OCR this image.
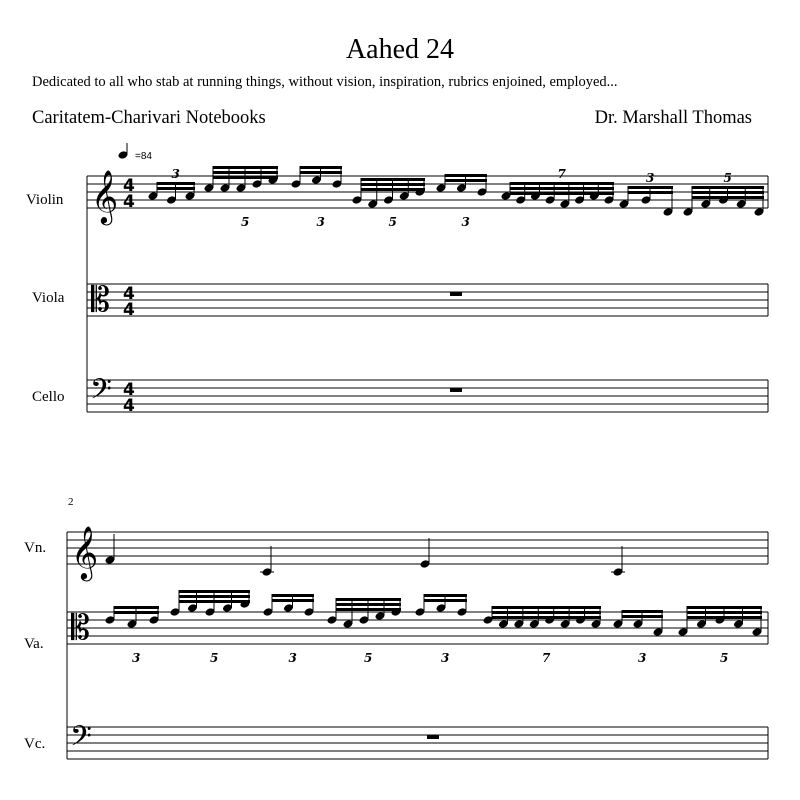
Aahed 24
Dedicated to all who stab at running things, without vision, inspiration, rubrics enjoined, employed...
Caritatem-Charivari Notebooks	Dr. Marshall Thomas
Violin
Viola
Cello
Vn.
Va.
Vc.
𝄞
𝄡
𝄢
𝄞
𝄡
𝄢
4
4
4
4
4
4
3
5	3	5	3
7	3	5
3	5	3	5	3	7	3	5
2
=84
